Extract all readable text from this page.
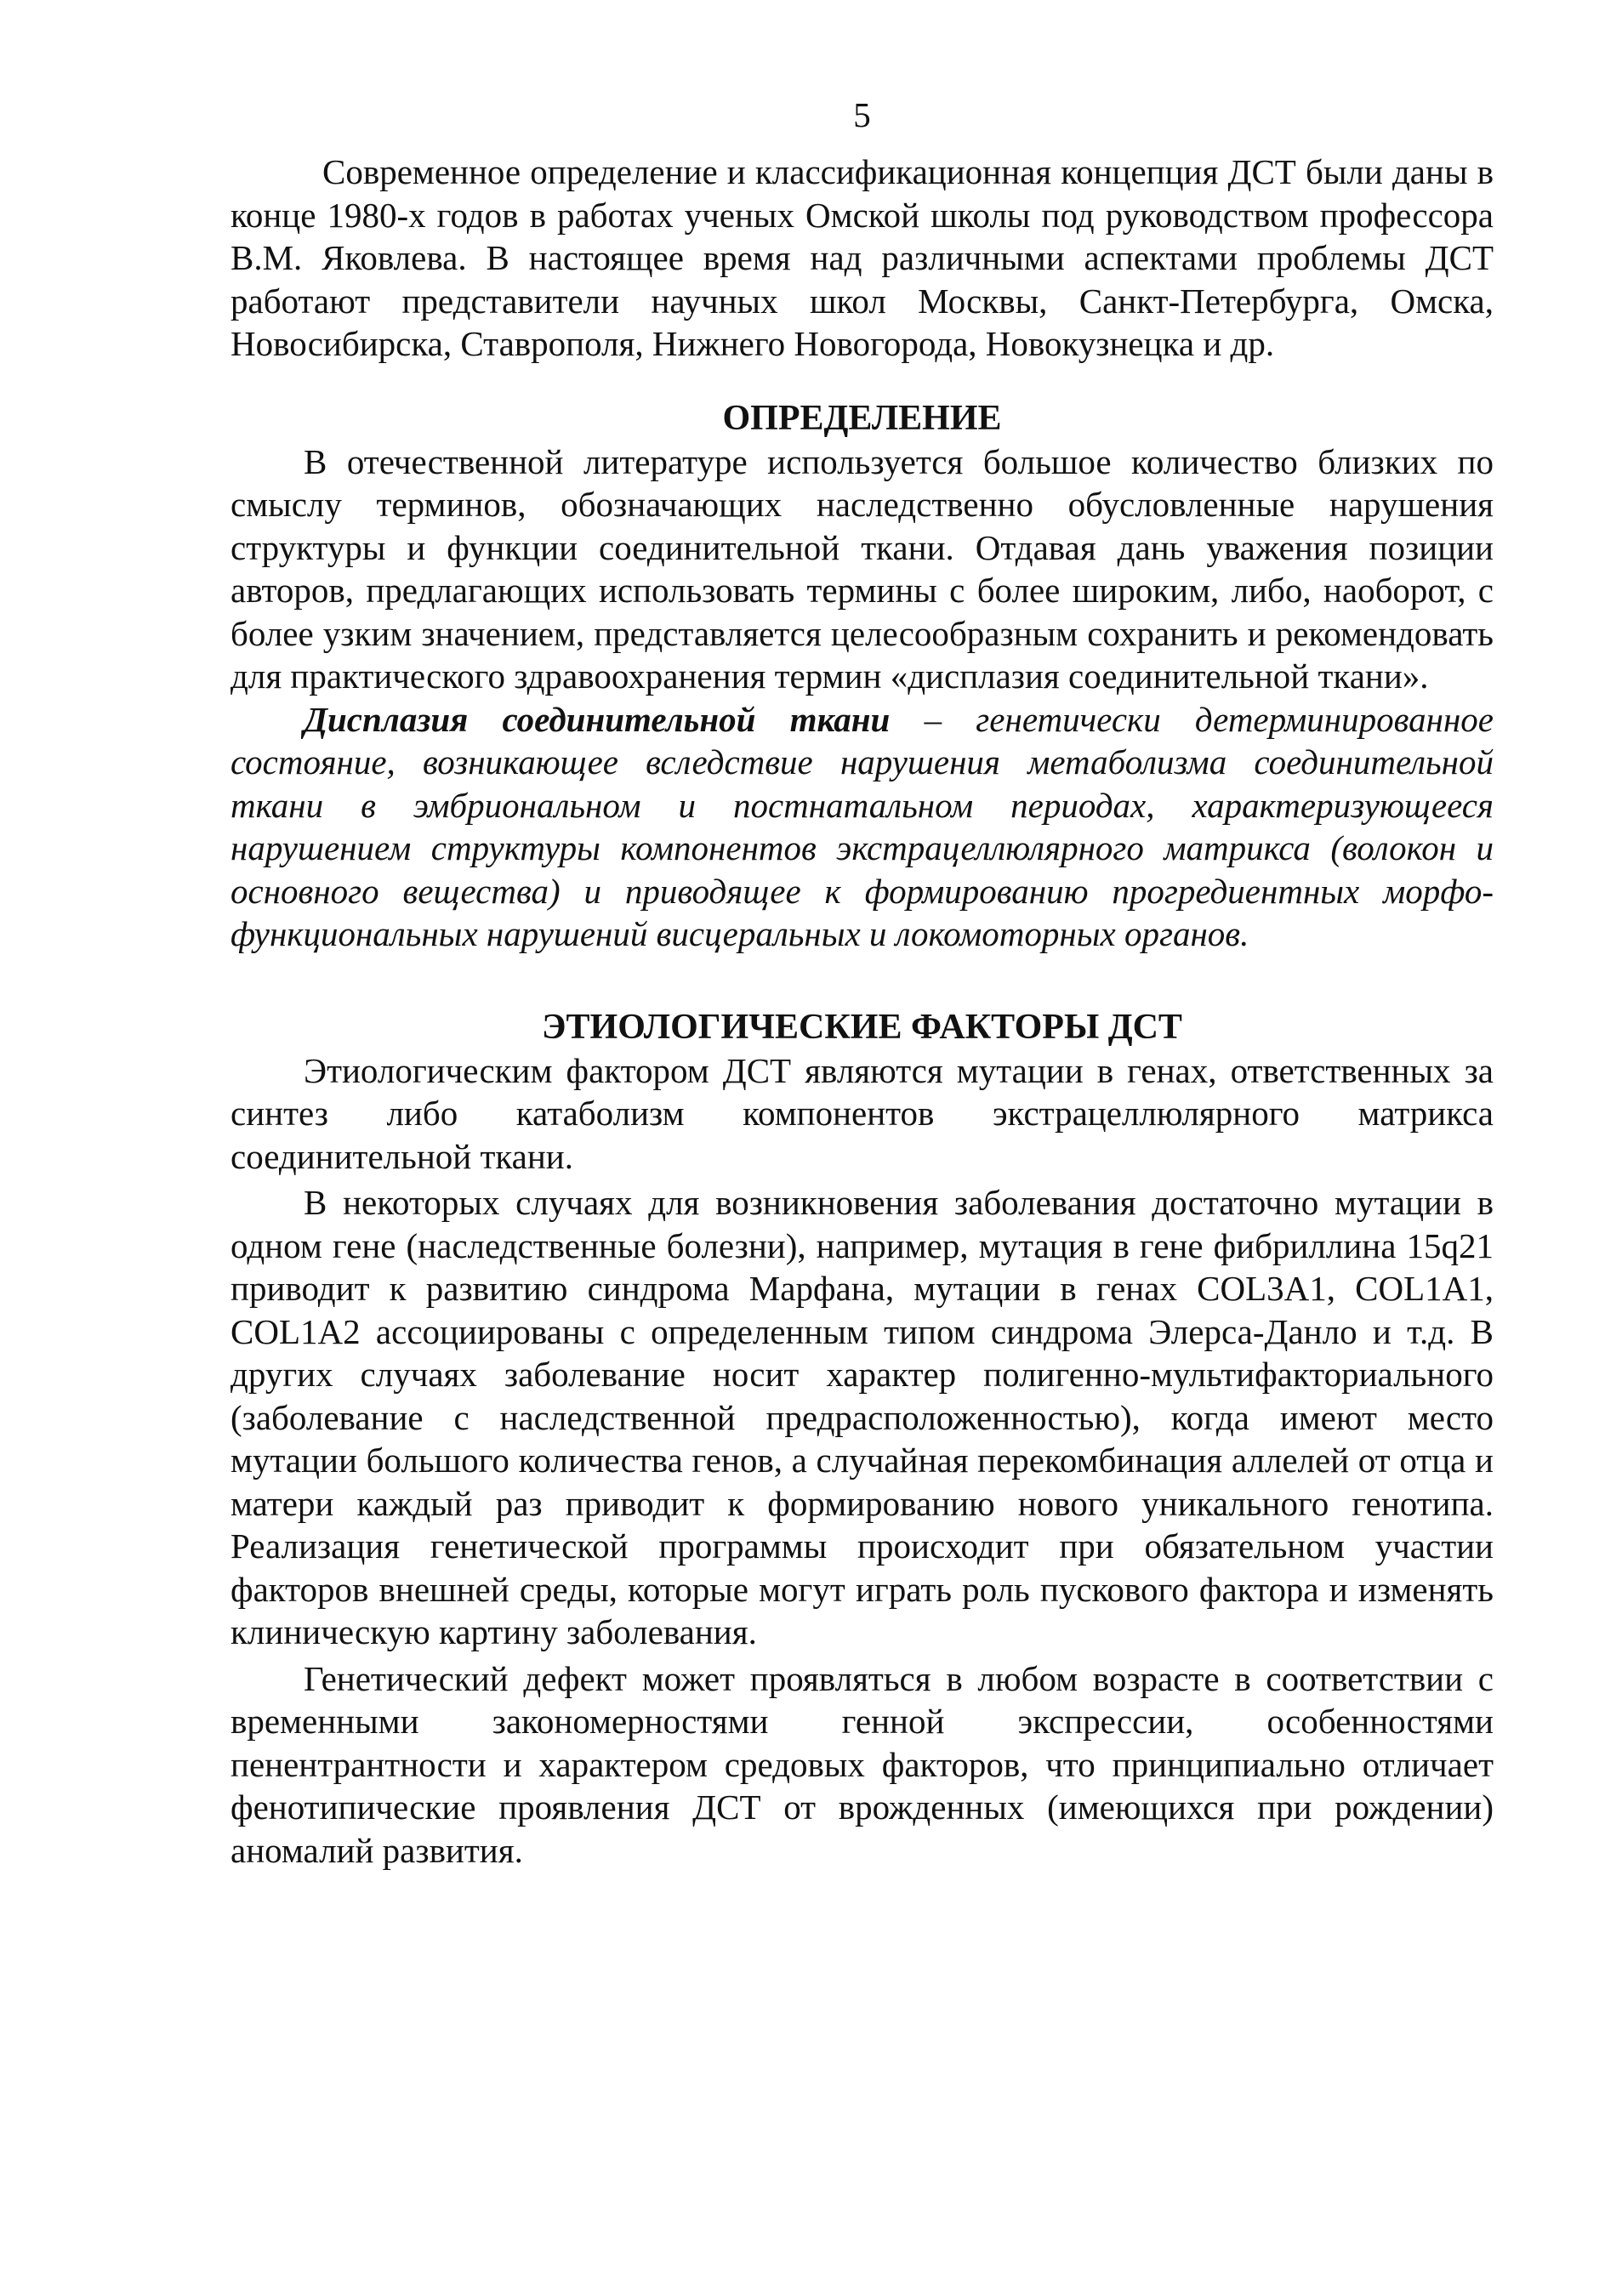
5

Современное определение и классификационная концепция ДСТ были даны в конце 1980-х годов в работах ученых Омской школы под руководством профессора В.М. Яковлева. В настоящее время над различными аспектами проблемы ДСТ работают представители научных школ Москвы, Санкт-Петербурга, Омска, Новосибирска, Ставрополя, Нижнего Новогорода, Новокузнецка и др.

ОПРЕДЕЛЕНИЕ

В отечественной литературе используется большое количество близких по смыслу терминов, обозначающих наследственно обусловленные нарушения структуры и функции соединительной ткани. Отдавая дань уважения позиции авторов, предлагающих использовать термины с более широким, либо, наоборот, с более узким значением, представляется целесообразным сохранить и рекомендовать для практического здравоохранения термин «дисплазия соединительной ткани».

Дисплазия соединительной ткани – генетически детерминированное состояние, возникающее вследствие нарушения метаболизма соединительной ткани в эмбриональном и постнатальном периодах, характеризующееся нарушением структуры компонентов экстрацеллюлярного матрикса (волокон и основного вещества) и приводящее к формированию прогредиентных морфо-функциональных нарушений висцеральных и локомоторных органов.

ЭТИОЛОГИЧЕСКИЕ ФАКТОРЫ ДСТ

Этиологическим фактором ДСТ являются мутации в генах, ответственных за синтез либо катаболизм компонентов экстрацеллюлярного матрикса соединительной ткани.

В некоторых случаях для возникновения заболевания достаточно мутации в одном гене (наследственные болезни), например, мутация в гене фибриллина 15q21 приводит к развитию синдрома Марфана, мутации в генах COL3A1, COL1A1, COL1A2 ассоциированы с определенным типом синдрома Элерса-Данло и т.д. В других случаях заболевание носит характер полигенно-мультифакториального (заболевание с наследственной предрасположенностью), когда имеют место мутации большого количества генов, а случайная перекомбинация аллелей от отца и матери каждый раз приводит к формированию нового уникального генотипа. Реализация генетической программы происходит при обязательном участии факторов внешней среды, которые могут играть роль пускового фактора и изменять клиническую картину заболевания.

Генетический дефект может проявляться в любом возрасте в соответствии с временными закономерностями генной экспрессии, особенностями пенентрантности и характером средовых факторов, что принципиально отличает фенотипические проявления ДСТ от врожденных (имеющихся при рождении) аномалий развития.
